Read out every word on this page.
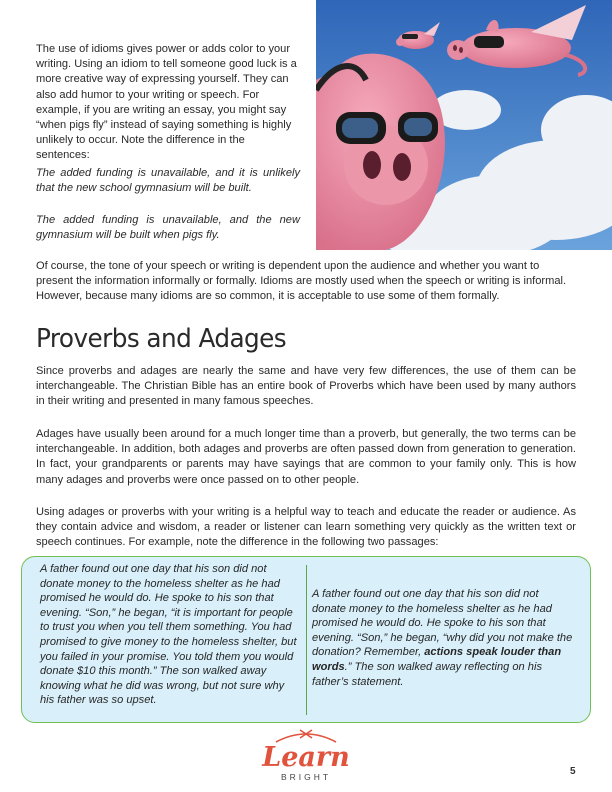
The use of idioms gives power or adds color to your writing. Using an idiom to tell someone good luck is a more creative way of expressing yourself. They can also add humor to your writing or speech. For example, if you are writing an essay, you might say “when pigs fly” instead of saying something is highly unlikely to occur. Note the difference in the sentences:

The added funding is unavailable, and it is unlikely that the new school gymnasium will be built.

The added funding is unavailable, and the new gymnasium will be built when pigs fly.

Of course, the tone of your speech or writing is dependent upon the audience and whether you want to present the information informally or formally. Idioms are mostly used when the speech or writing is informal. However, because many idioms are so common, it is acceptable to use some of them formally.

Proverbs and Adages

Since proverbs and adages are nearly the same and have very few differences, the use of them can be interchangeable. The Christian Bible has an entire book of Proverbs which have been used by many authors in their writing and presented in many famous speeches.

Adages have usually been around for a much longer time than a proverb, but generally, the two terms can be interchangeable. In addition, both adages and proverbs are often passed down from generation to generation. In fact, your grandparents or parents may have sayings that are common to your family only. This is how many adages and proverbs were once passed on to other people.

Using adages or proverbs with your writing is a helpful way to teach and educate the reader or audience. As they contain advice and wisdom, a reader or listener can learn something very quickly as the written text or speech continues. For example, note the difference in the following two passages:

A father found out one day that his son did not donate money to the homeless shelter as he had promised he would do. He spoke to his son that evening. “Son,” he began, “it is important for people to trust you when you tell them something. You had promised to give money to the homeless shelter, but you failed in your promise. You told them you would donate $10 this month.” The son walked away knowing what he did was wrong, but not sure why his father was so upset.

A father found out one day that his son did not donate money to the homeless shelter as he had promised he would do. He spoke to his son that evening. “Son,” he began, “why did you not make the donation? Remember, actions speak louder than words.” The son walked away reflecting on his father’s statement.

Learn
BRIGHT	5
